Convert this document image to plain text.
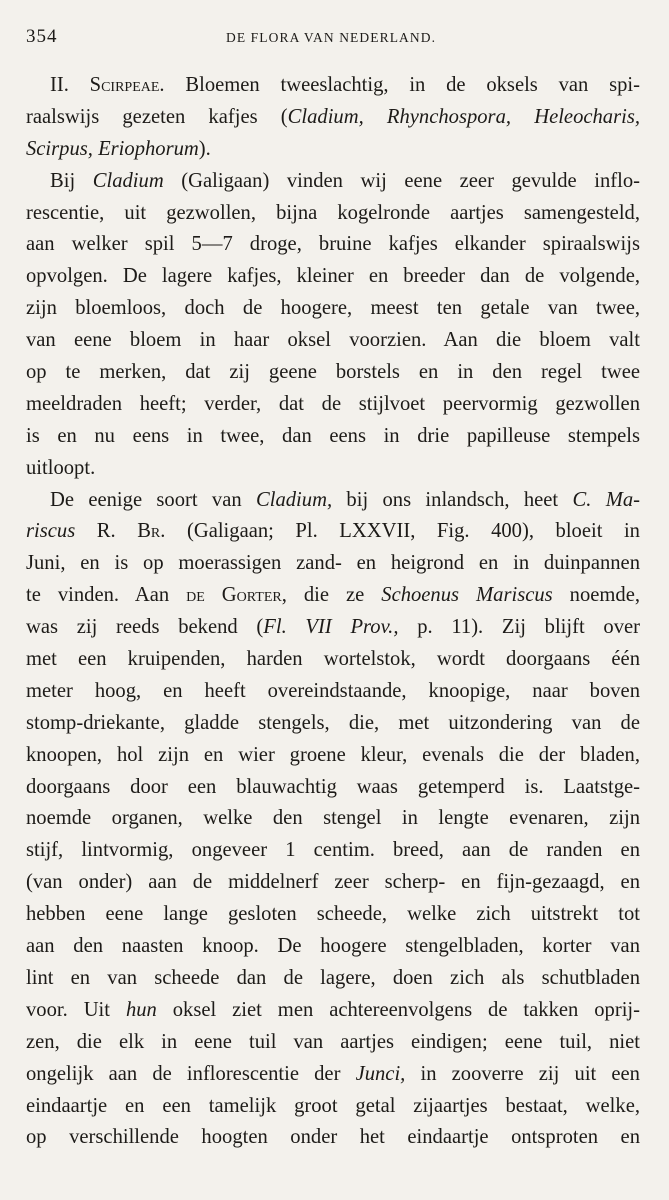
354	DE FLORA VAN NEDERLAND.
II. Scirpeae. Bloemen tweeslachtig, in de oksels van spi-
raalswijs gezeten kafjes (Cladium, Rhynchospora, Heleocharis,
Scirpus, Eriophorum).
Bij Cladium (Galigaan) vinden wij eene zeer gevulde inflo-
rescentie, uit gezwollen, bijna kogelronde aartjes samengesteld,
aan welker spil 5—7 droge, bruine kafjes elkander spiraalswijs
opvolgen. De lagere kafjes, kleiner en breeder dan de volgende,
zijn bloemloos, doch de hoogere, meest ten getale van twee,
van eene bloem in haar oksel voorzien. Aan die bloem valt
op te merken, dat zij geene borstels en in den regel twee
meeldraden heeft; verder, dat de stijlvoet peervormig gezwollen
is en nu eens in twee, dan eens in drie papilleuse stempels
uitloopt.
De eenige soort van Cladium, bij ons inlandsch, heet C. Ma-
riscus R. Br. (Galigaan; Pl. LXXVII, Fig. 400), bloeit in
Juni, en is op moerassigen zand- en heigrond en in duinpannen
te vinden. Aan de Gorter, die ze Schoenus Mariscus noemde,
was zij reeds bekend (Fl. VII Prov., p. 11). Zij blijft over
met een kruipenden, harden wortelstok, wordt doorgaans één
meter hoog, en heeft overeindstaande, knoopige, naar boven
stomp-driekante, gladde stengels, die, met uitzondering van de
knoopen, hol zijn en wier groene kleur, evenals die der bladen,
doorgaans door een blauwachtig waas getemperd is. Laatstge-
noemde organen, welke den stengel in lengte evenaren, zijn
stijf, lintvormig, ongeveer 1 centim. breed, aan de randen en
(van onder) aan de middelnerf zeer scherp- en fijn-gezaagd, en
hebben eene lange gesloten scheede, welke zich uitstrekt tot
aan den naasten knoop. De hoogere stengelbladen, korter van
lint en van scheede dan de lagere, doen zich als schutbladen
voor. Uit hun oksel ziet men achtereenvolgens de takken oprij-
zen, die elk in eene tuil van aartjes eindigen; eene tuil, niet
ongelijk aan de inflorescentie der Junci, in zooverre zij uit een
eindaartje en een tamelijk groot getal zijaartjes bestaat, welke,
op verschillende hoogten onder het eindaartje ontsproten en
